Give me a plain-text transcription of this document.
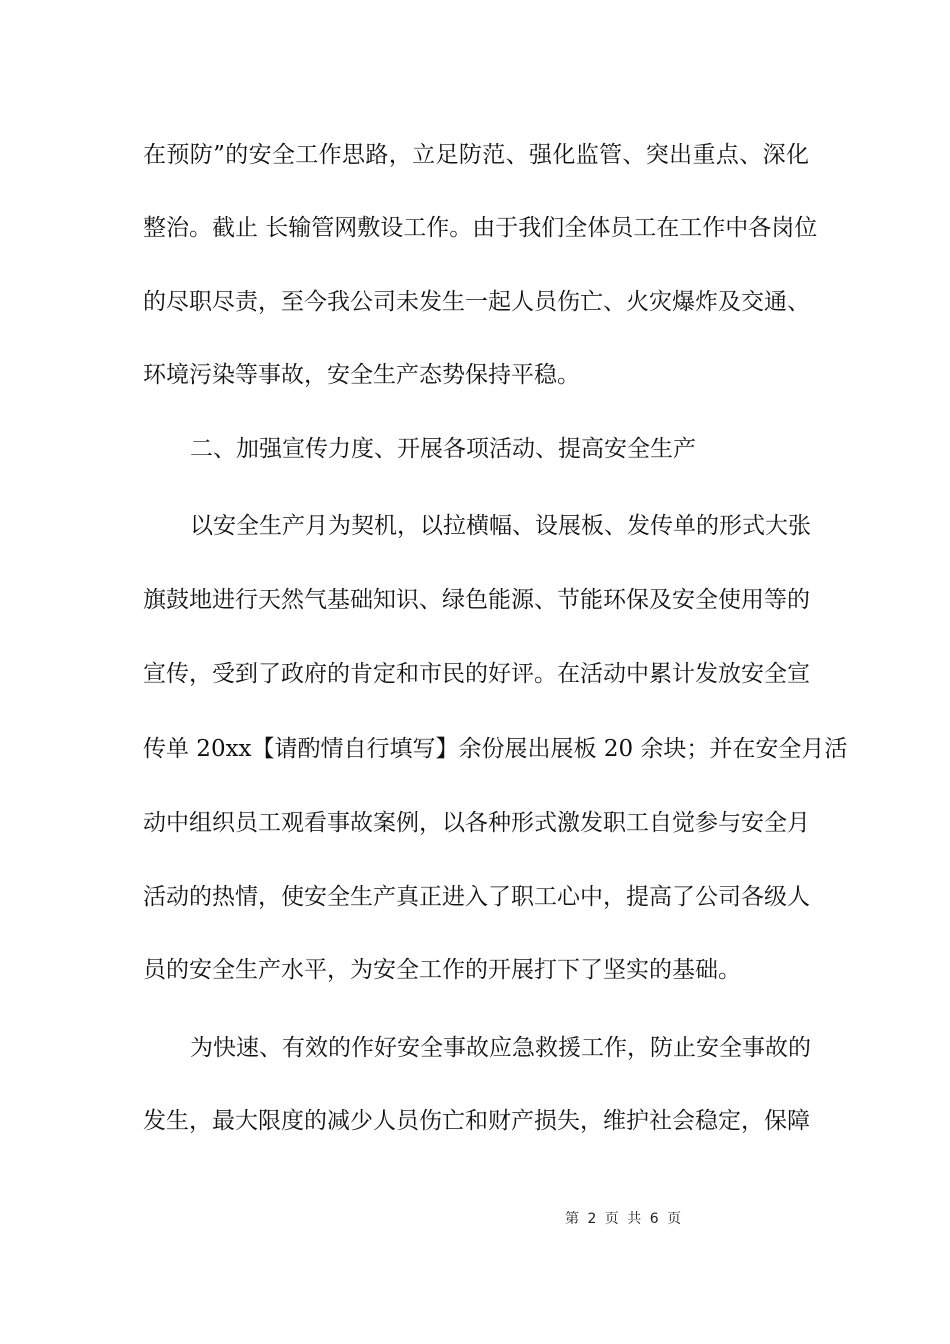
在预防”的安全工作思路，立足防范、强化监管、突出重点、深化
整治。截止 长输管网敷设工作。由于我们全体员工在工作中各岗位
的尽职尽责，至今我公司未发生一起人员伤亡、火灾爆炸及交通、
环境污染等事故，安全生产态势保持平稳。
二、加强宣传力度、开展各项活动、提高安全生产
以安全生产月为契机，以拉横幅、设展板、发传单的形式大张
旗鼓地进行天然气基础知识、绿色能源、节能环保及安全使用等的
宣传，受到了政府的肯定和市民的好评。在活动中累计发放安全宣
传单 20xx【请酌情自行填写】余份展出展板 20 余块；并在安全月活
动中组织员工观看事故案例，以各种形式激发职工自觉参与安全月
活动的热情，使安全生产真正进入了职工心中，提高了公司各级人
员的安全生产水平，为安全工作的开展打下了坚实的基础。
为快速、有效的作好安全事故应急救援工作，防止安全事故的
发生，最大限度的减少人员伤亡和财产损失，维护社会稳定，保障
第 2 页 共 6 页
